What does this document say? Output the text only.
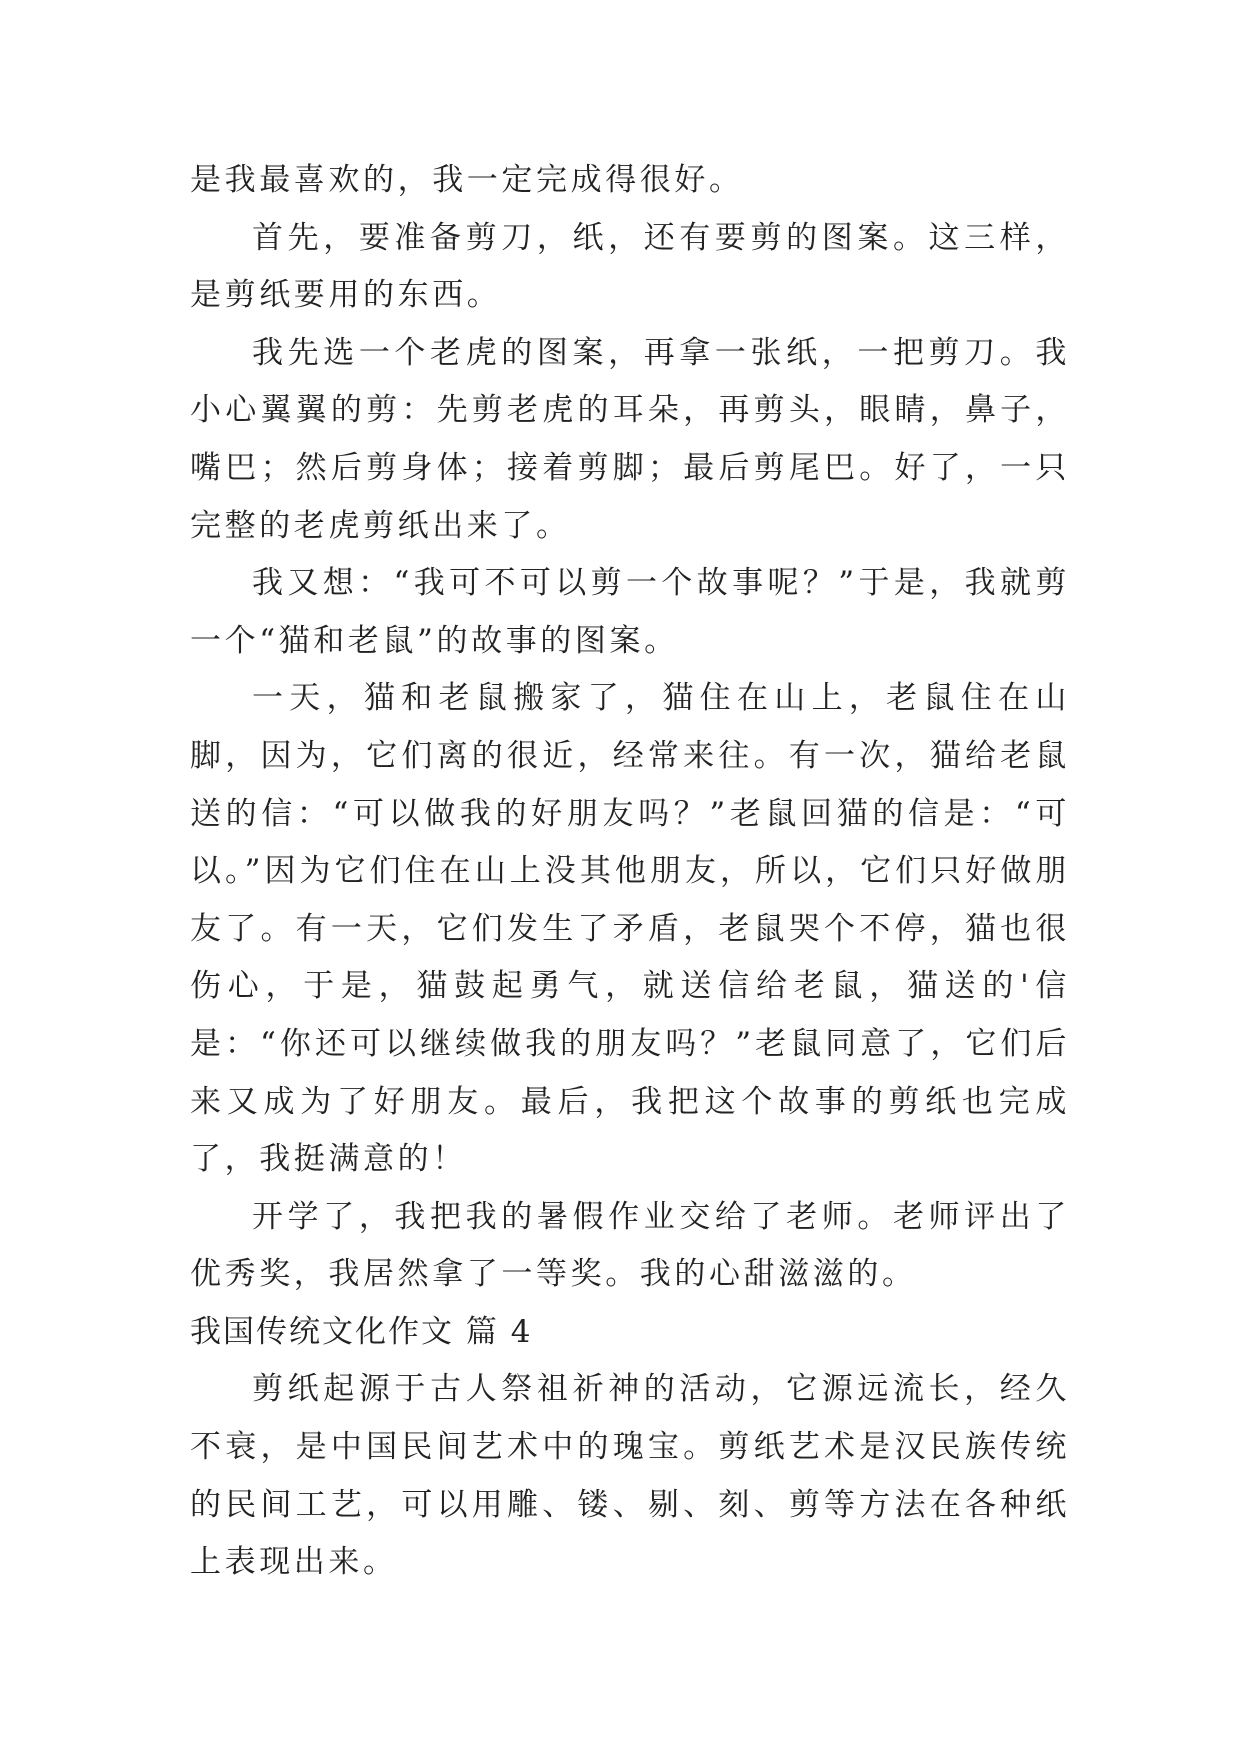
是我最喜欢的，我一定完成得很好。

首先，要准备剪刀，纸，还有要剪的图案。这三样，是剪纸要用的东西。

我先选一个老虎的图案，再拿一张纸，一把剪刀。我小心翼翼的剪：先剪老虎的耳朵，再剪头，眼睛，鼻子，嘴巴；然后剪身体；接着剪脚；最后剪尾巴。好了，一只完整的老虎剪纸出来了。

我又想：“我可不可以剪一个故事呢？”于是，我就剪一个“猫和老鼠”的故事的图案。

一天，猫和老鼠搬家了，猫住在山上，老鼠住在山脚，因为，它们离的很近，经常来往。有一次，猫给老鼠送的信：“可以做我的好朋友吗？”老鼠回猫的信是：“可以。”因为它们住在山上没其他朋友，所以，它们只好做朋友了。有一天，它们发生了矛盾，老鼠哭个不停，猫也很伤心，于是，猫鼓起勇气，就送信给老鼠，猫送的'信是：“你还可以继续做我的朋友吗？”老鼠同意了，它们后来又成为了好朋友。最后，我把这个故事的剪纸也完成了，我挺满意的！

开学了，我把我的暑假作业交给了老师。老师评出了优秀奖，我居然拿了一等奖。我的心甜滋滋的。

我国传统文化作文 篇 4

剪纸起源于古人祭祖祈神的活动，它源远流长，经久不衰，是中国民间艺术中的瑰宝。剪纸艺术是汉民族传统的民间工艺，可以用雕、镂、剔、刻、剪等方法在各种纸上表现出来。
